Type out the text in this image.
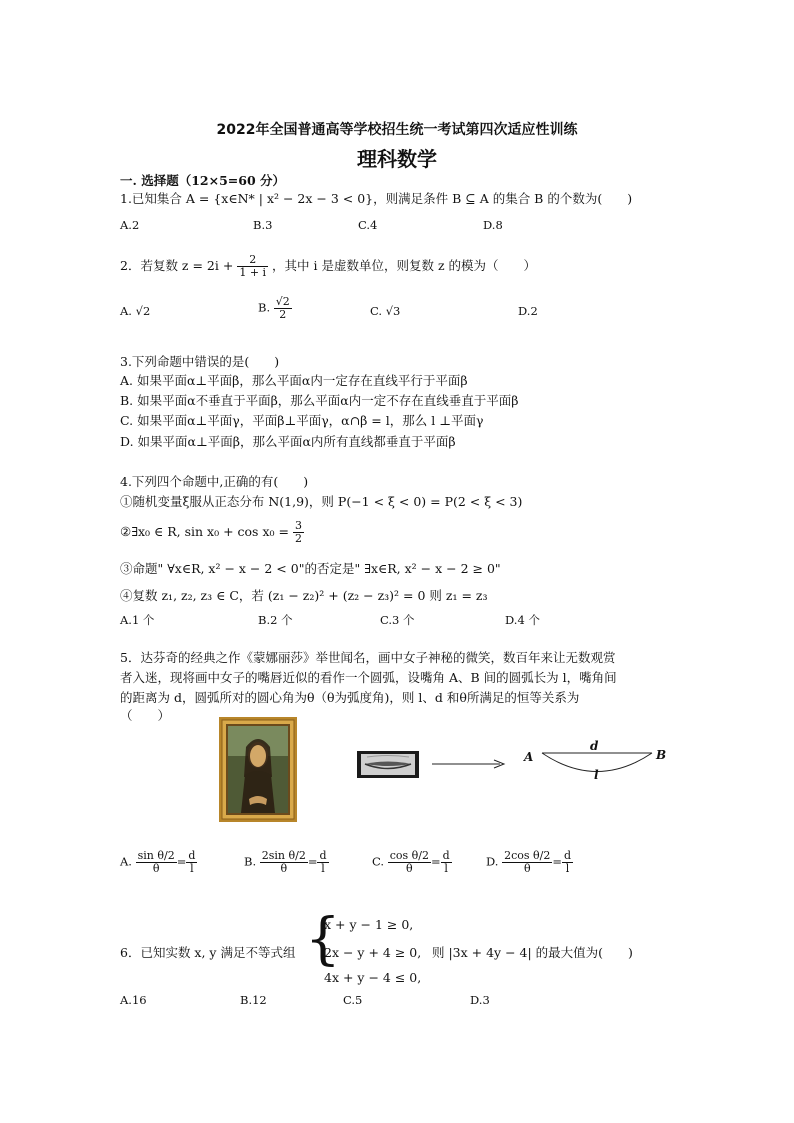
2022年全国普通高等学校招生统一考试第四次适应性训练
理科数学
一. 选择题（12×5=60 分）
1.已知集合 A = {x∈N* | x² − 2x − 3 < 0}，则满足条件 B ⊆ A 的集合 B 的个数为(　　)
A.2	B.3	C.4	D.8
2．若复数 $z = 2i + \frac{2}{1 + i}$ ，其中 i 是虚数单位，则复数 z 的模为（　　）
A. √2	B. $\frac{√2}{2}$	C. √3	D.2
3.下列命题中错误的是(　　)
A. 如果平面α⊥平面β，那么平面α内一定存在直线平行于平面β
B. 如果平面α不垂直于平面β，那么平面α内一定不存在直线垂直于平面β
C. 如果平面α⊥平面γ，平面β⊥平面γ，α∩β = l，那么 l ⊥平面γ
D. 如果平面α⊥平面β，那么平面α内所有直线都垂直于平面β
4.下列四个命题中,正确的有(　　)
①随机变量ξ服从正态分布 N(1,9)，则 P(−1 < ξ < 0) = P(2 < ξ < 3)
②∃x₀ ∈ R, $\sin x_0 + \cos x_0 = \frac{3}{2}$
③命题" ∀x∈R, x² − x − 2 < 0"的否定是" ∃x∈R, x² − x − 2 ≥ 0"
④复数 z₁, z₂, z₃ ∈ C，若 (z₁ − z₂)² + (z₂ − z₃)² = 0 则 z₁ = z₃
A.1 个	B.2 个	C.3 个	D.4 个
5．达芬奇的经典之作《蒙娜丽莎》举世闻名，画中女子神秘的微笑，数百年来让无数观赏
者入迷，现将画中女子的嘴唇近似的看作一个圆弧，设嘴角 A、B 间的圆弧长为 l，嘴角间
的距离为 d，圆弧所对的圆心角为θ（θ为弧度角)，则 l、d 和θ所满足的恒等关系为
（　　）
A	B
d
l
A. $\frac{\text{sin θ/2}}{\theta} = \frac{d}{l}$	B. $\frac{\text{2sin θ/2}}{\theta} = \frac{d}{l}$	C. $\frac{\text{cos θ/2}}{\theta} = \frac{d}{l}$	D. $\frac{\text{2cos θ/2}}{\theta} = \frac{d}{l}$
6．已知实数 x, y 满足不等式组 {
x + y − 1 ≥ 0,
2x − y + 4 ≥ 0,
4x + y − 4 ≤ 0,
则 |3x + 4y − 4| 的最大值为(　　)
A.16	B.12	C.5	D.3
